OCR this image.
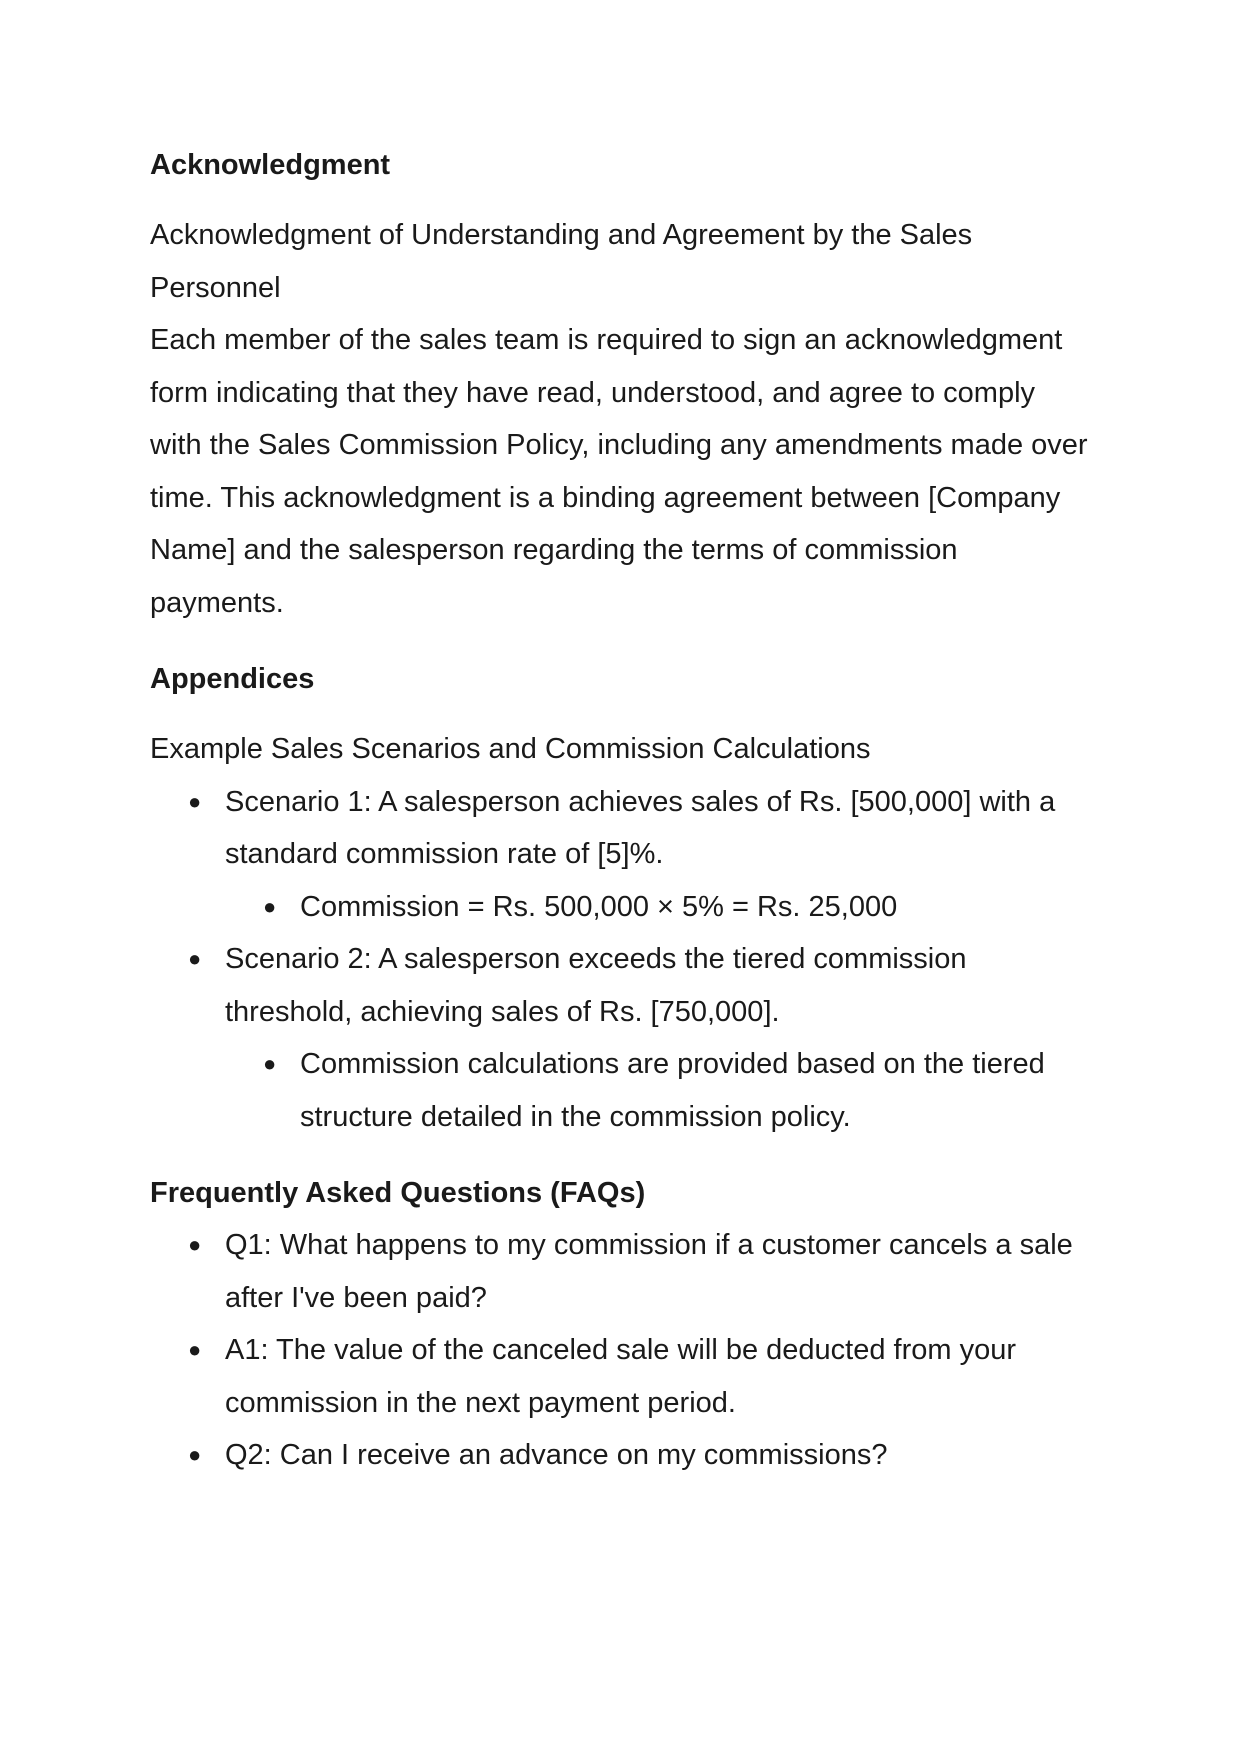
Acknowledgment

Acknowledgment of Understanding and Agreement by the Sales Personnel

Each member of the sales team is required to sign an acknowledgment form indicating that they have read, understood, and agree to comply with the Sales Commission Policy, including any amendments made over time. This acknowledgment is a binding agreement between [Company Name] and the salesperson regarding the terms of commission payments.

Appendices

Example Sales Scenarios and Commission Calculations

● Scenario 1: A salesperson achieves sales of Rs. [500,000] with a standard commission rate of [5]%.
● Commission = Rs. 500,000 × 5% = Rs. 25,000
● Scenario 2: A salesperson exceeds the tiered commission threshold, achieving sales of Rs. [750,000].
● Commission calculations are provided based on the tiered structure detailed in the commission policy.
Frequently Asked Questions (FAQs)
● Q1: What happens to my commission if a customer cancels a sale after I've been paid?
● A1: The value of the canceled sale will be deducted from your commission in the next payment period.
● Q2: Can I receive an advance on my commissions?
